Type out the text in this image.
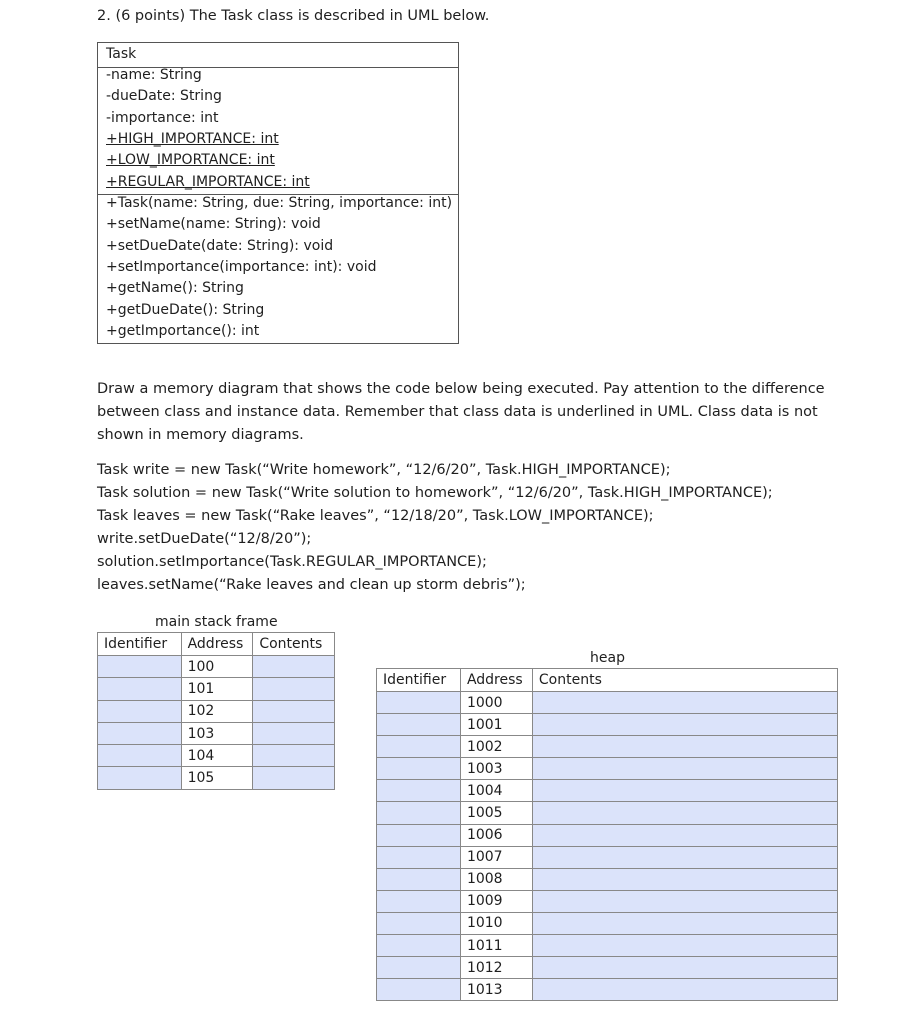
2. (6 points) The Task class is described in UML below.
Task
-name: String
-dueDate: String
-importance: int
+HIGH_IMPORTANCE: int
+LOW_IMPORTANCE: int
+REGULAR_IMPORTANCE: int
+Task(name: String, due: String, importance: int)
+setName(name: String): void
+setDueDate(date: String): void
+setImportance(importance: int): void
+getName(): String
+getDueDate(): String
+getImportance(): int
Draw a memory diagram that shows the code below being executed. Pay attention to the difference
between class and instance data. Remember that class data is underlined in UML. Class data is not
shown in memory diagrams.
Task write = new Task(“Write homework”, “12/6/20”, Task.HIGH_IMPORTANCE);
Task solution = new Task(“Write solution to homework”, “12/6/20”, Task.HIGH_IMPORTANCE);
Task leaves = new Task(“Rake leaves”, “12/18/20”, Task.LOW_IMPORTANCE);
write.setDueDate(“12/8/20”);
solution.setImportance(Task.REGULAR_IMPORTANCE);
leaves.setName(“Rake leaves and clean up storm debris”);
main stack frame
Identifier	Address	Contents
	100	
	101	
	102	
	103	
	104	
	105	
heap
Identifier	Address	Contents
	1000	
	1001	
	1002	
	1003	
	1004	
	1005	
	1006	
	1007	
	1008	
	1009	
	1010	
	1011	
	1012	
	1013	
